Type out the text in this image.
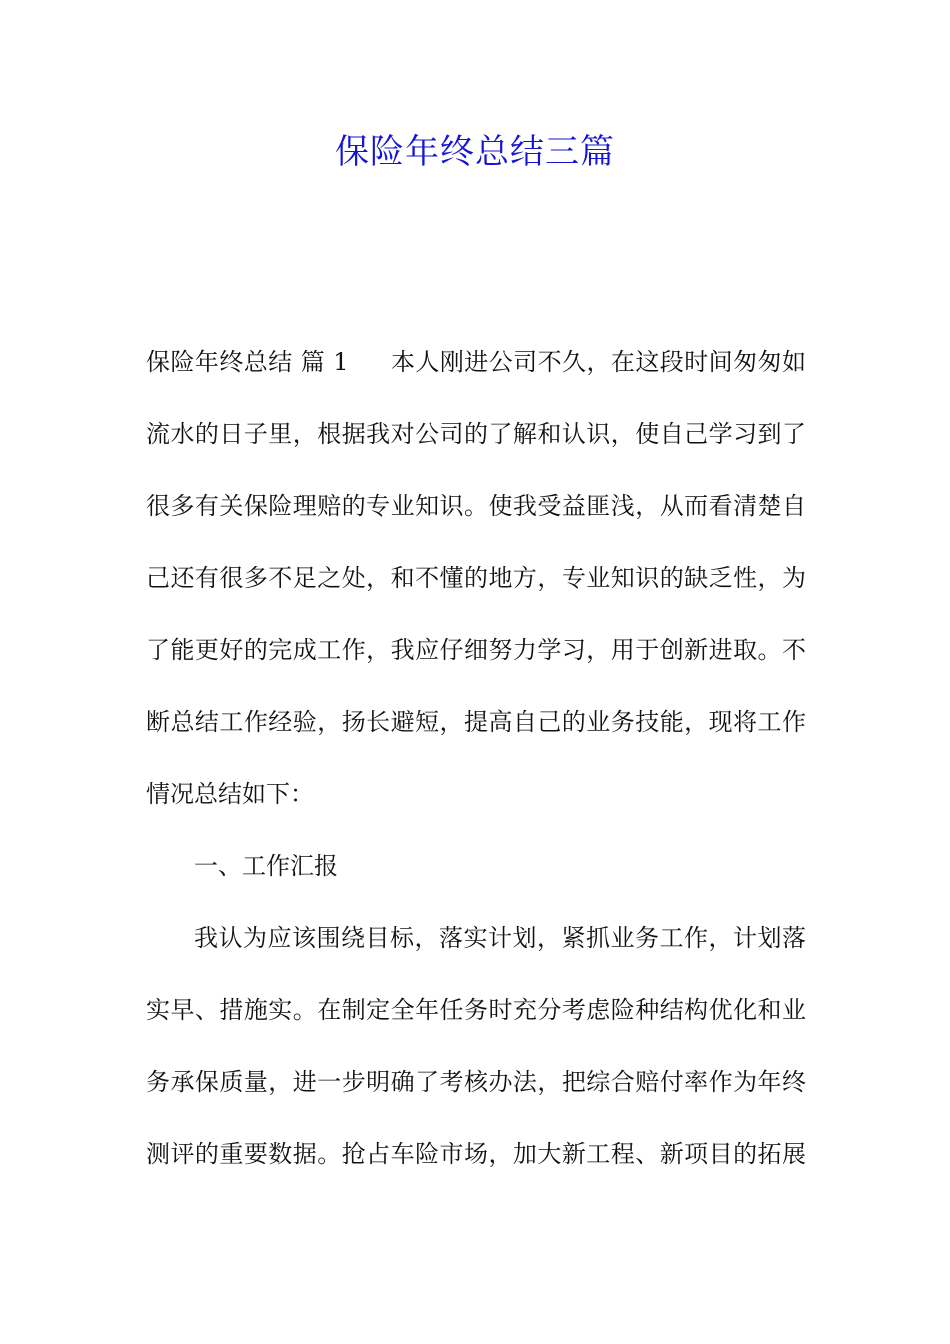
保险年终总结三篇
保险年终总结 篇 1 本人刚进公司不久，在这段时间匆匆如
流水的日子里，根据我对公司的了解和认识，使自己学习到了
很多有关保险理赔的专业知识。使我受益匪浅，从而看清楚自
己还有很多不足之处，和不懂的地方，专业知识的缺乏性，为
了能更好的完成工作，我应仔细努力学习，用于创新进取。不
断总结工作经验，扬长避短，提高自己的业务技能，现将工作
情况总结如下：
一、工作汇报
我认为应该围绕目标，落实计划，紧抓业务工作，计划落
实早、措施实。在制定全年任务时充分考虑险种结构优化和业
务承保质量，进一步明确了考核办法，把综合赔付率作为年终
测评的重要数据。抢占车险市场，加大新工程、新项目的拓展
